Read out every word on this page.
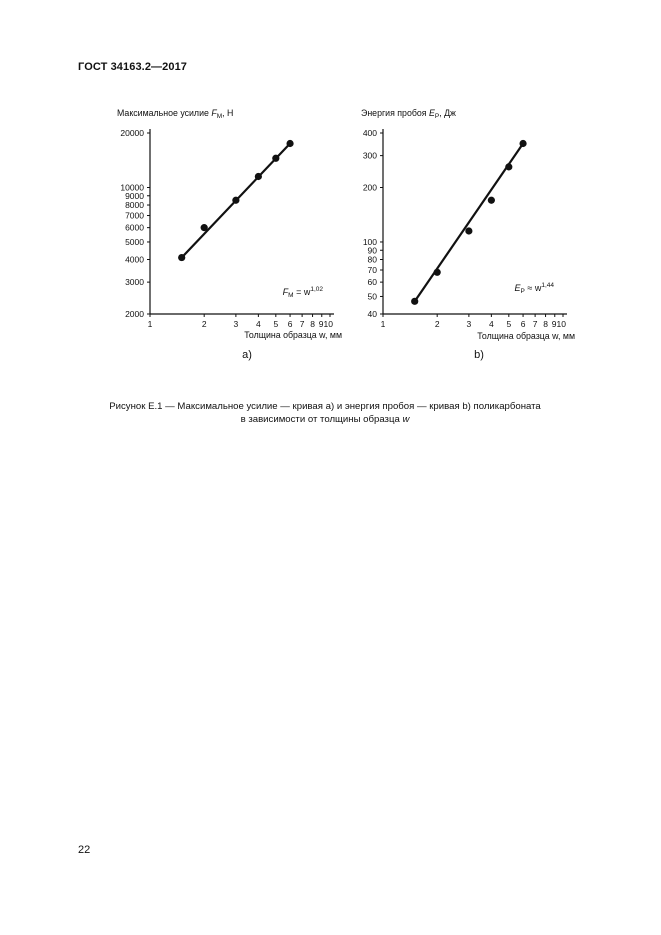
ГОСТ 34163.2—2017
1	2	3 4 5 6 7 8 910
2000
3000
4000
5000
6000
7000
8000
9000
10000
20000
Максимальное усилие $F_M$, Н
Толщина образца w, мм
$F_M = w^{1,02}$
а)
1	2	3 4 5 6 7 8 910
40
50
60
70
80
90
100
200
300
400
Энергия пробоя $E_P$, Дж
Толщина образца w, мм
$E_P \approx w^{1,44}$
b)
Рисунок Е.1 — Максимальное усилие — кривая а) и энергия пробоя — кривая b) поликарбоната
в зависимости от толщины образца w
22
